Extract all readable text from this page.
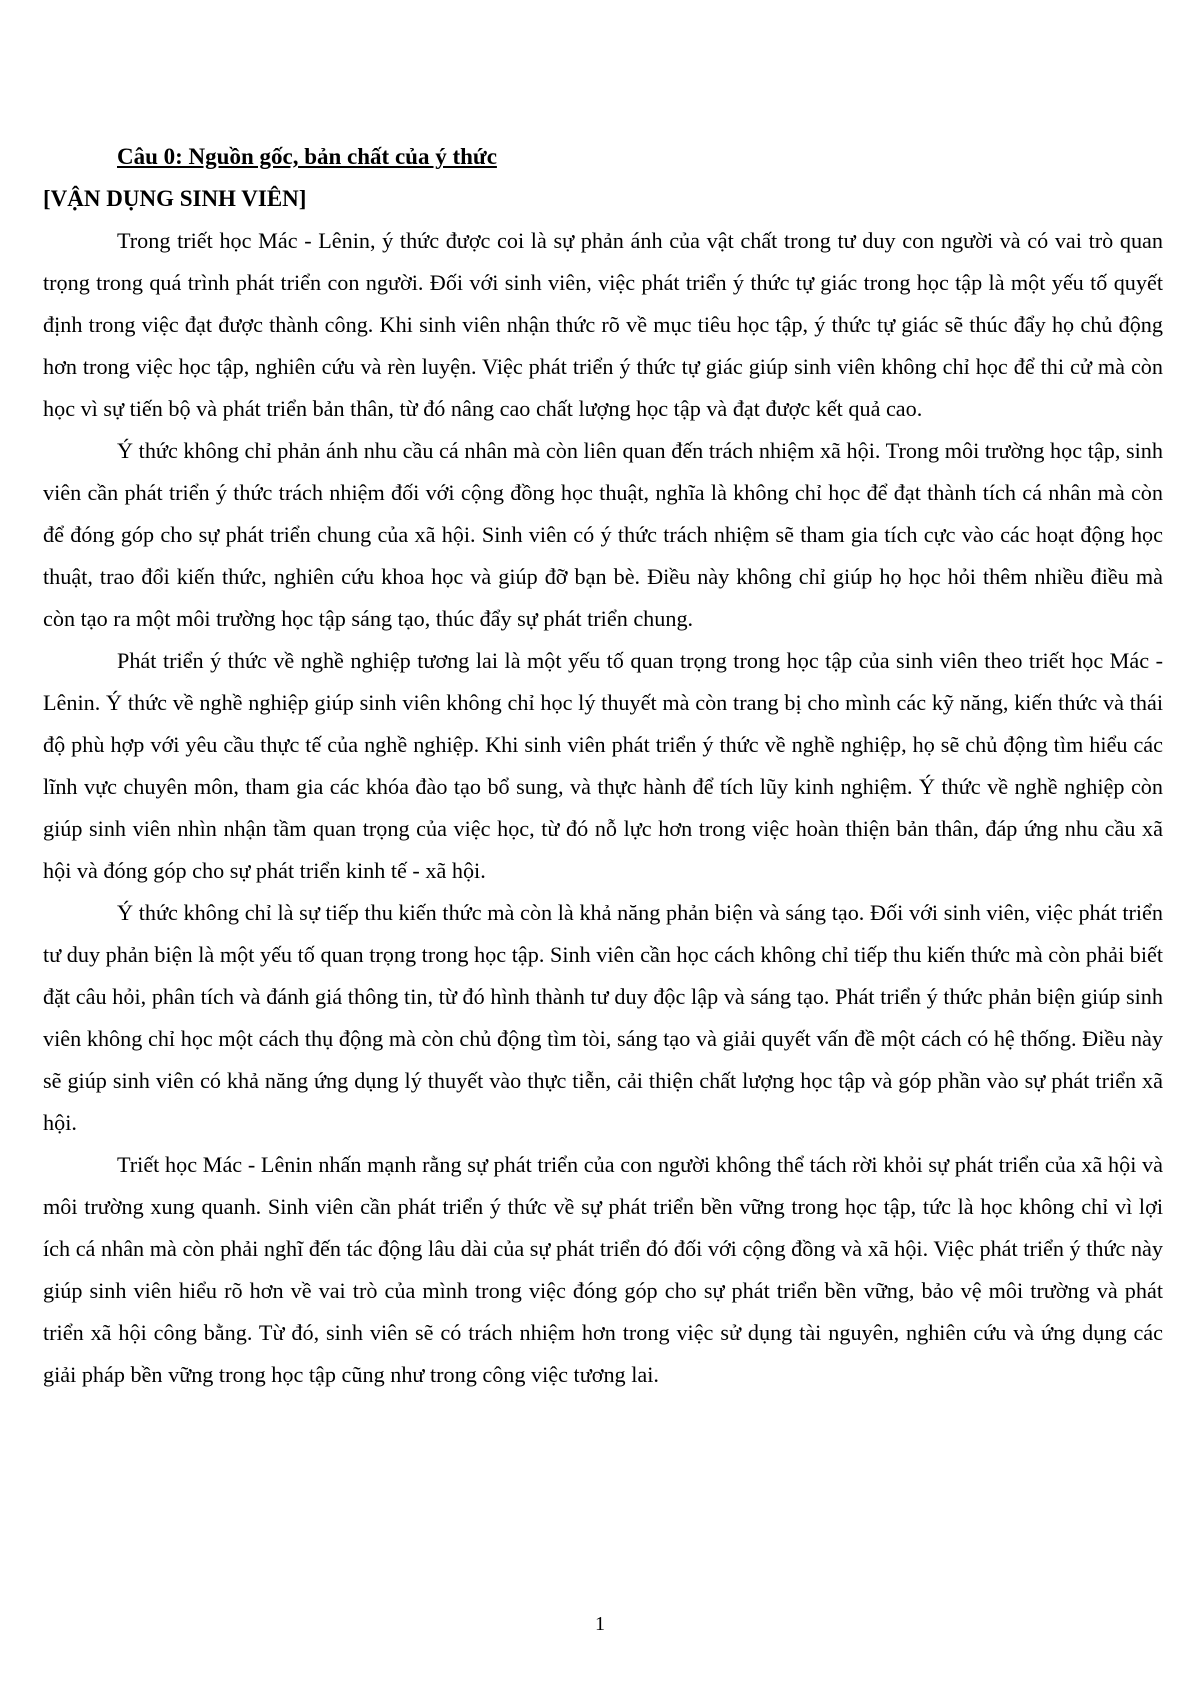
Câu 0: Nguồn gốc, bản chất của ý thức

[VẬN DỤNG SINH VIÊN]

Trong triết học Mác - Lênin, ý thức được coi là sự phản ánh của vật chất trong tư duy con người và có vai trò quan trọng trong quá trình phát triển con người. Đối với sinh viên, việc phát triển ý thức tự giác trong học tập là một yếu tố quyết định trong việc đạt được thành công. Khi sinh viên nhận thức rõ về mục tiêu học tập, ý thức tự giác sẽ thúc đẩy họ chủ động hơn trong việc học tập, nghiên cứu và rèn luyện. Việc phát triển ý thức tự giác giúp sinh viên không chỉ học để thi cử mà còn học vì sự tiến bộ và phát triển bản thân, từ đó nâng cao chất lượng học tập và đạt được kết quả cao.

Ý thức không chỉ phản ánh nhu cầu cá nhân mà còn liên quan đến trách nhiệm xã hội. Trong môi trường học tập, sinh viên cần phát triển ý thức trách nhiệm đối với cộng đồng học thuật, nghĩa là không chỉ học để đạt thành tích cá nhân mà còn để đóng góp cho sự phát triển chung của xã hội. Sinh viên có ý thức trách nhiệm sẽ tham gia tích cực vào các hoạt động học thuật, trao đổi kiến thức, nghiên cứu khoa học và giúp đỡ bạn bè. Điều này không chỉ giúp họ học hỏi thêm nhiều điều mà còn tạo ra một môi trường học tập sáng tạo, thúc đẩy sự phát triển chung.

Phát triển ý thức về nghề nghiệp tương lai là một yếu tố quan trọng trong học tập của sinh viên theo triết học Mác - Lênin. Ý thức về nghề nghiệp giúp sinh viên không chỉ học lý thuyết mà còn trang bị cho mình các kỹ năng, kiến thức và thái độ phù hợp với yêu cầu thực tế của nghề nghiệp. Khi sinh viên phát triển ý thức về nghề nghiệp, họ sẽ chủ động tìm hiểu các lĩnh vực chuyên môn, tham gia các khóa đào tạo bổ sung, và thực hành để tích lũy kinh nghiệm. Ý thức về nghề nghiệp còn giúp sinh viên nhìn nhận tầm quan trọng của việc học, từ đó nỗ lực hơn trong việc hoàn thiện bản thân, đáp ứng nhu cầu xã hội và đóng góp cho sự phát triển kinh tế - xã hội.

Ý thức không chỉ là sự tiếp thu kiến thức mà còn là khả năng phản biện và sáng tạo. Đối với sinh viên, việc phát triển tư duy phản biện là một yếu tố quan trọng trong học tập. Sinh viên cần học cách không chỉ tiếp thu kiến thức mà còn phải biết đặt câu hỏi, phân tích và đánh giá thông tin, từ đó hình thành tư duy độc lập và sáng tạo. Phát triển ý thức phản biện giúp sinh viên không chỉ học một cách thụ động mà còn chủ động tìm tòi, sáng tạo và giải quyết vấn đề một cách có hệ thống. Điều này sẽ giúp sinh viên có khả năng ứng dụng lý thuyết vào thực tiễn, cải thiện chất lượng học tập và góp phần vào sự phát triển xã hội.

Triết học Mác - Lênin nhấn mạnh rằng sự phát triển của con người không thể tách rời khỏi sự phát triển của xã hội và môi trường xung quanh. Sinh viên cần phát triển ý thức về sự phát triển bền vững trong học tập, tức là học không chỉ vì lợi ích cá nhân mà còn phải nghĩ đến tác động lâu dài của sự phát triển đó đối với cộng đồng và xã hội. Việc phát triển ý thức này giúp sinh viên hiểu rõ hơn về vai trò của mình trong việc đóng góp cho sự phát triển bền vững, bảo vệ môi trường và phát triển xã hội công bằng. Từ đó, sinh viên sẽ có trách nhiệm hơn trong việc sử dụng tài nguyên, nghiên cứu và ứng dụng các giải pháp bền vững trong học tập cũng như trong công việc tương lai.

1
